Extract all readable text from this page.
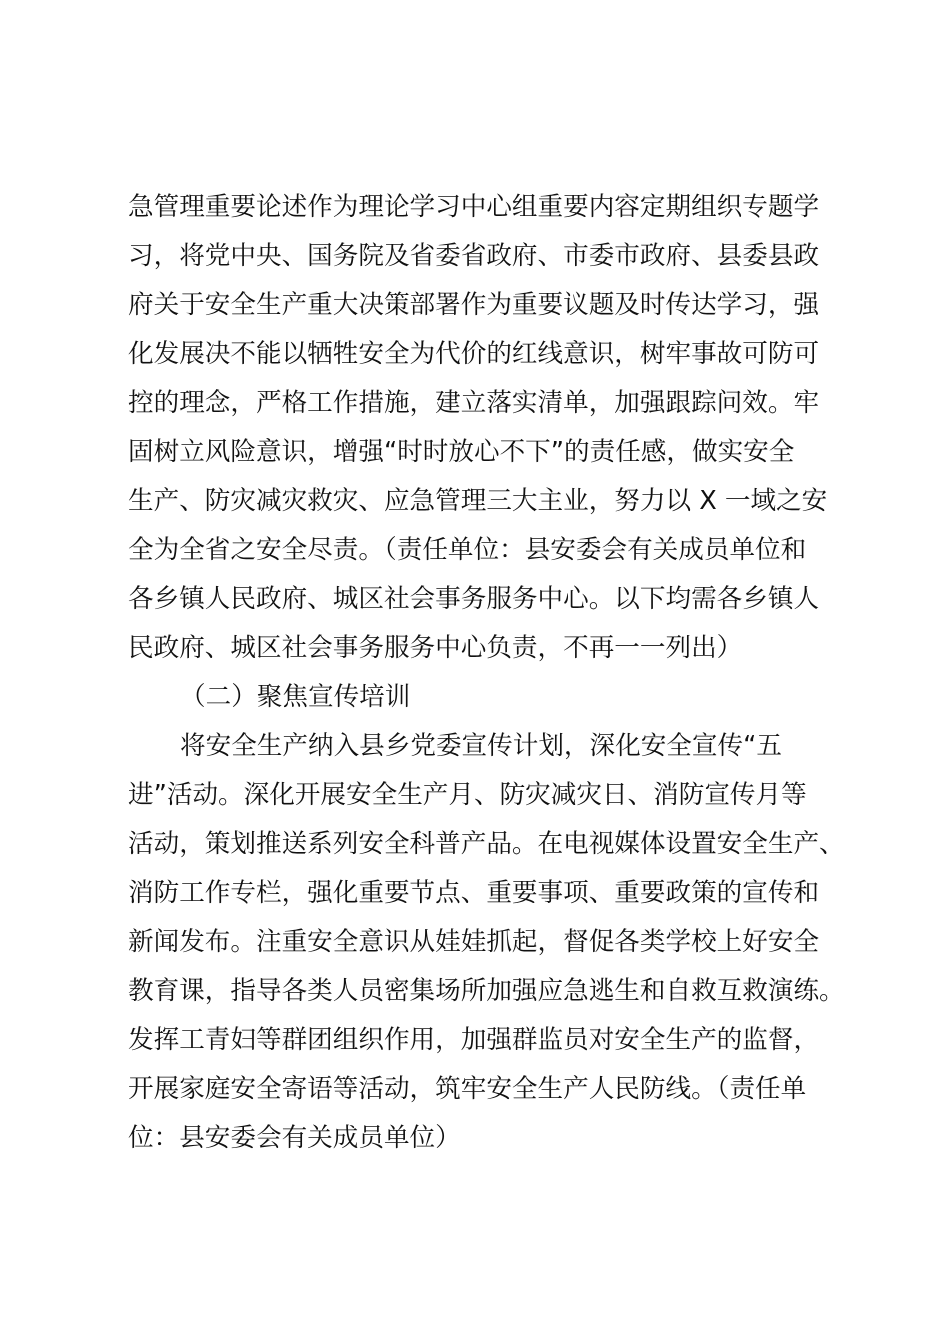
急管理重要论述作为理论学习中心组重要内容定期组织专题学
习，将党中央、国务院及省委省政府、市委市政府、县委县政
府关于安全生产重大决策部署作为重要议题及时传达学习，强
化发展决不能以牺牲安全为代价的红线意识，树牢事故可防可
控的理念，严格工作措施，建立落实清单，加强跟踪问效。牢
固树立风险意识，增强“时时放心不下”的责任感，做实安全
生产、防灾减灾救灾、应急管理三大主业，努力以 X 一域之安
全为全省之安全尽责。（责任单位：县安委会有关成员单位和
各乡镇人民政府、城区社会事务服务中心。以下均需各乡镇人
民政府、城区社会事务服务中心负责，不再一一列出）
（二）聚焦宣传培训
将安全生产纳入县乡党委宣传计划，深化安全宣传“五
进”活动。深化开展安全生产月、防灾减灾日、消防宣传月等
活动，策划推送系列安全科普产品。在电视媒体设置安全生产、
消防工作专栏，强化重要节点、重要事项、重要政策的宣传和
新闻发布。注重安全意识从娃娃抓起，督促各类学校上好安全
教育课，指导各类人员密集场所加强应急逃生和自救互救演练。
发挥工青妇等群团组织作用，加强群监员对安全生产的监督，
开展家庭安全寄语等活动，筑牢安全生产人民防线。（责任单
位：县安委会有关成员单位）
